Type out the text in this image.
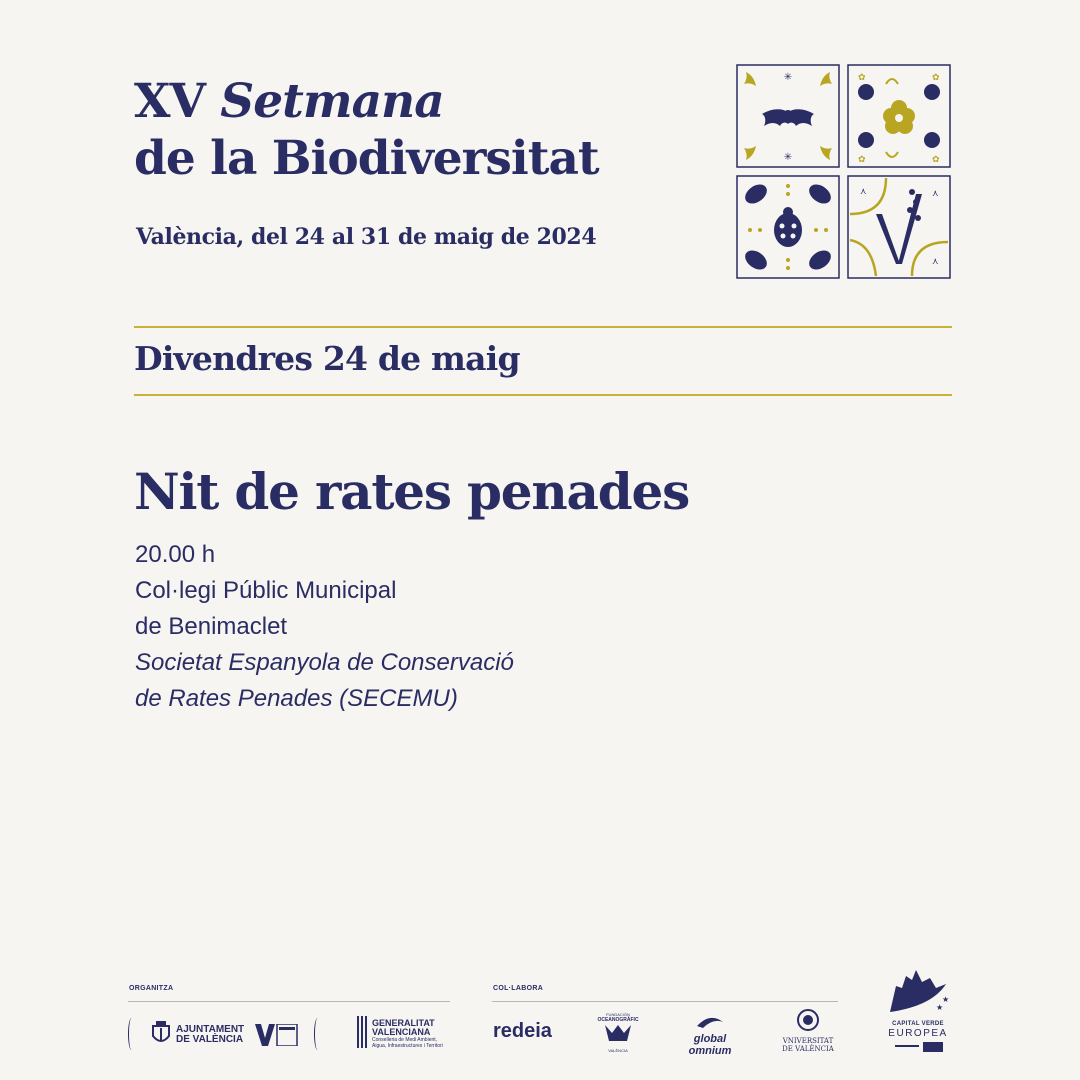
XV Setmana
de la Biodiversitat
València, del 24 al 31 de maig de 2024
✳
✳
✿	✿
✿	✿
⋏	⋏
⋏
Divendres 24 de maig
Nit de rates penades
20.00 h
Col·legi Públic Municipal
de Benimaclet
Societat Espanyola de Conservació
de Rates Penades (SECEMU)
ORGANITZA	COL·LABORA
AJUNTAMENT
DE VALÈNCIA
GENERALITAT
VALENCIANA
Conselleria de Medi Ambient,
Aigua, Infraestructures i Territori
redeia
FUNDACIÓN
OCEANOGRÀFIC
VALÈNCIA
global omnium
VNIVERSITAT
DE VALÈNCIA
★
★
CAPITAL VERDE
EUROPEA
